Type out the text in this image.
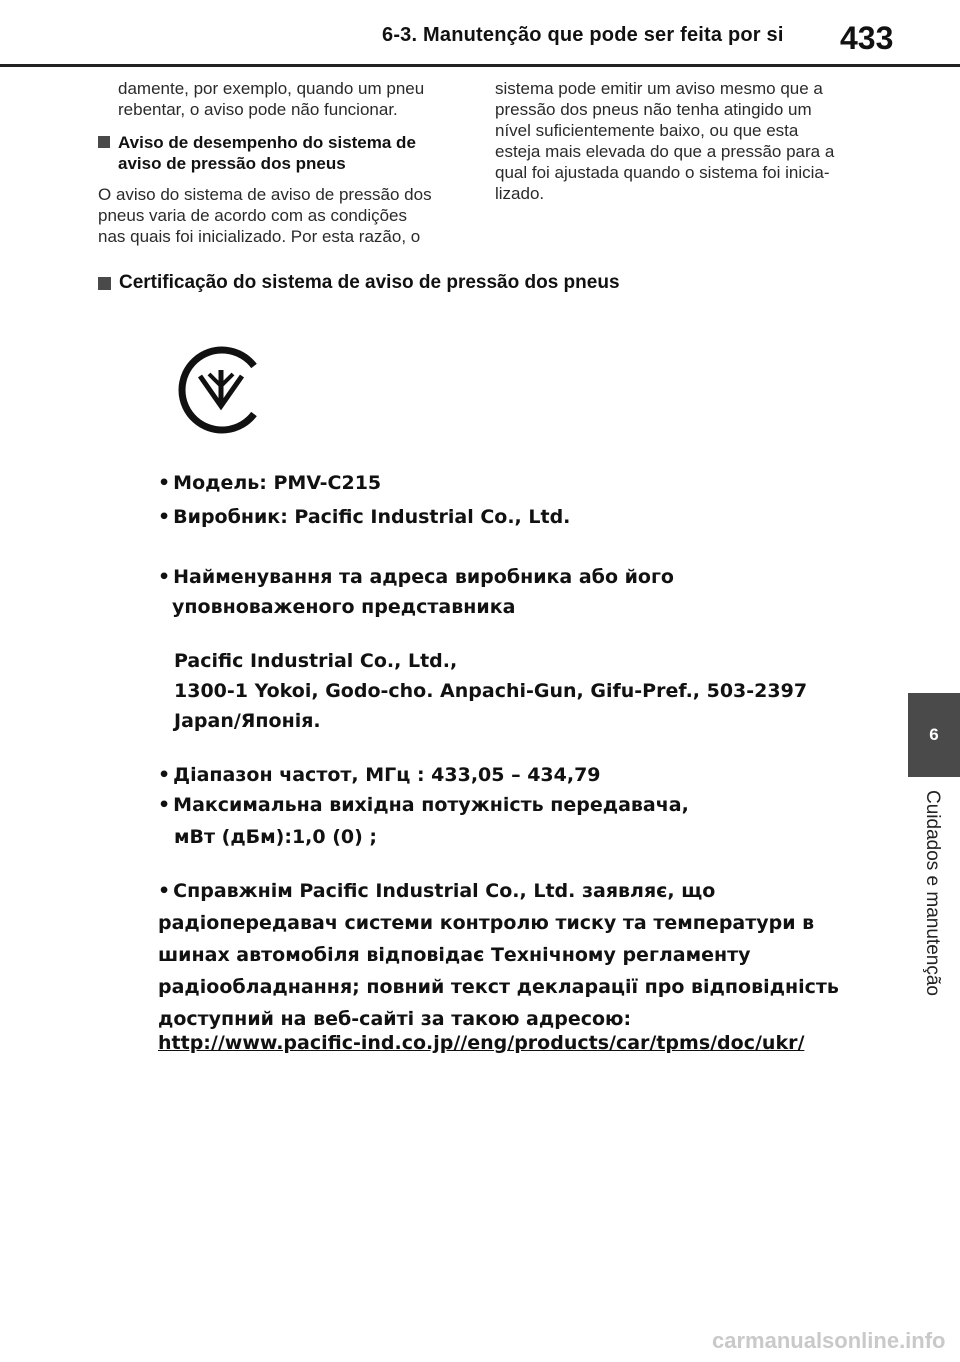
6-3. Manutenção que pode ser feita por si 433
6
Cuidados e manutenção

damente, por exemplo, quando um pneu

rebentar, o aviso pode não funcionar.

Aviso de desempenho do sistema de
aviso de pressão dos pneus

O aviso do sistema de aviso de pressão dos

pneus varia de acordo com as condições

nas quais foi inicializado. Por esta razão, o

sistema pode emitir um aviso mesmo que a

pressão dos pneus não tenha atingido um

nível suficientemente baixo, ou que esta

esteja mais elevada do que a pressão para a

qual foi ajustada quando o sistema foi inicia-

lizado.

Certificação do sistema de aviso de pressão dos pneus
• Модель: PMV-C215
• Виробник: Pacific Industrial Co., Ltd.
• Найменування та адреса виробника або його
уповноваженого представника
Pacific Industrial Co., Ltd.,
1300-1 Yokoi, Godo-cho. Anpachi-Gun, Gifu-Pref., 503-2397
Japan/Японія.
• Діапазон частот, МГц : 433,05 – 434,79
• Максимальна вихідна потужність передавача,
мВт (дБм):1,0 (0) ;
• Справжнім Pacific Industrial Co., Ltd. заявляє, що
радіопередавач системи контролю тиску та температури в
шинах автомобіля відповідає Технічному регламенту
радіообладнання; повний текст декларації про відповідність
доступний на веб-сайті за такою адресою:
http://www.pacific-ind.co.jp//eng/products/car/tpms/doc/ukr/
carmanualsonline.info
